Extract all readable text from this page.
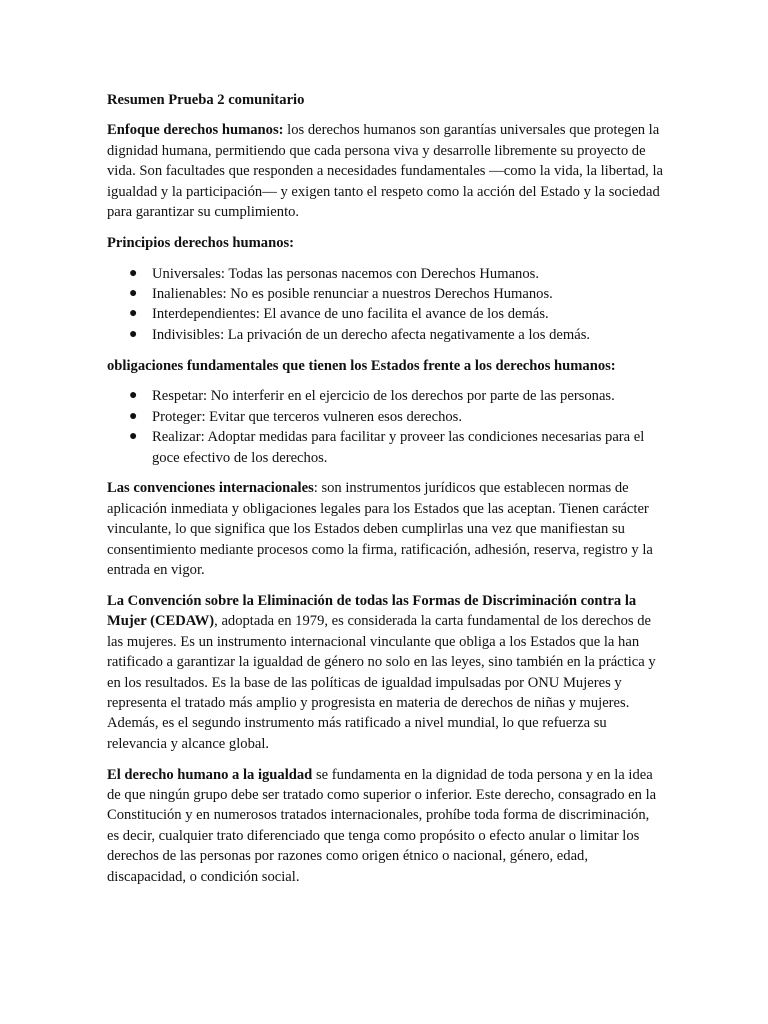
Resumen Prueba 2 comunitario

Enfoque derechos humanos: los derechos humanos son garantías universales que protegen la dignidad humana, permitiendo que cada persona viva y desarrolle libremente su proyecto de vida. Son facultades que responden a necesidades fundamentales —como la vida, la libertad, la igualdad y la participación— y exigen tanto el respeto como la acción del Estado y la sociedad para garantizar su cumplimiento.

Principios derechos humanos:
● Universales: Todas las personas nacemos con Derechos Humanos.
● Inalienables: No es posible renunciar a nuestros Derechos Humanos.
● Interdependientes: El avance de uno facilita el avance de los demás.
● Indivisibles: La privación de un derecho afecta negativamente a los demás.
obligaciones fundamentales que tienen los Estados frente a los derechos humanos:
● Respetar: No interferir en el ejercicio de los derechos por parte de las personas.
● Proteger: Evitar que terceros vulneren esos derechos.
● Realizar: Adoptar medidas para facilitar y proveer las condiciones necesarias para el goce efectivo de los derechos.

Las convenciones internacionales: son instrumentos jurídicos que establecen normas de aplicación inmediata y obligaciones legales para los Estados que las aceptan. Tienen carácter vinculante, lo que significa que los Estados deben cumplirlas una vez que manifiestan su consentimiento mediante procesos como la firma, ratificación, adhesión, reserva, registro y la entrada en vigor.

La Convención sobre la Eliminación de todas las Formas de Discriminación contra la Mujer (CEDAW), adoptada en 1979, es considerada la carta fundamental de los derechos de las mujeres. Es un instrumento internacional vinculante que obliga a los Estados que la han ratificado a garantizar la igualdad de género no solo en las leyes, sino también en la práctica y en los resultados. Es la base de las políticas de igualdad impulsadas por ONU Mujeres y representa el tratado más amplio y progresista en materia de derechos de niñas y mujeres. Además, es el segundo instrumento más ratificado a nivel mundial, lo que refuerza su relevancia y alcance global.

El derecho humano a la igualdad se fundamenta en la dignidad de toda persona y en la idea de que ningún grupo debe ser tratado como superior o inferior. Este derecho, consagrado en la Constitución y en numerosos tratados internacionales, prohíbe toda forma de discriminación, es decir, cualquier trato diferenciado que tenga como propósito o efecto anular o limitar los derechos de las personas por razones como origen étnico o nacional, género, edad, discapacidad, o condición social.
